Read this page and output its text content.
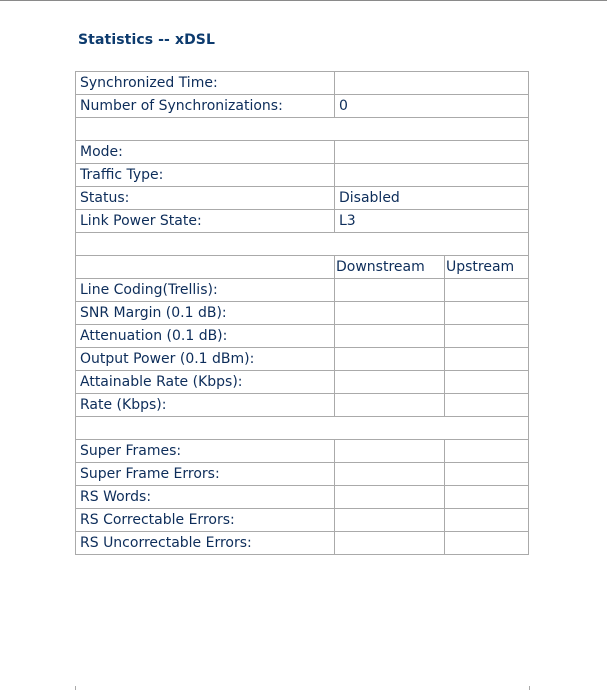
Statistics -- xDSL
Synchronized Time:		
Number of Synchronizations:	0	

Mode:		
Traffic Type:		
Status:	Disabled	
Link Power State:	L3	

	Downstream	Upstream
Line Coding(Trellis):		
SNR Margin (0.1 dB):		
Attenuation (0.1 dB):		
Output Power (0.1 dBm):		
Attainable Rate (Kbps):		
Rate (Kbps):		

Super Frames:		
Super Frame Errors:		
RS Words:		
RS Correctable Errors:		
RS Uncorrectable Errors:		
